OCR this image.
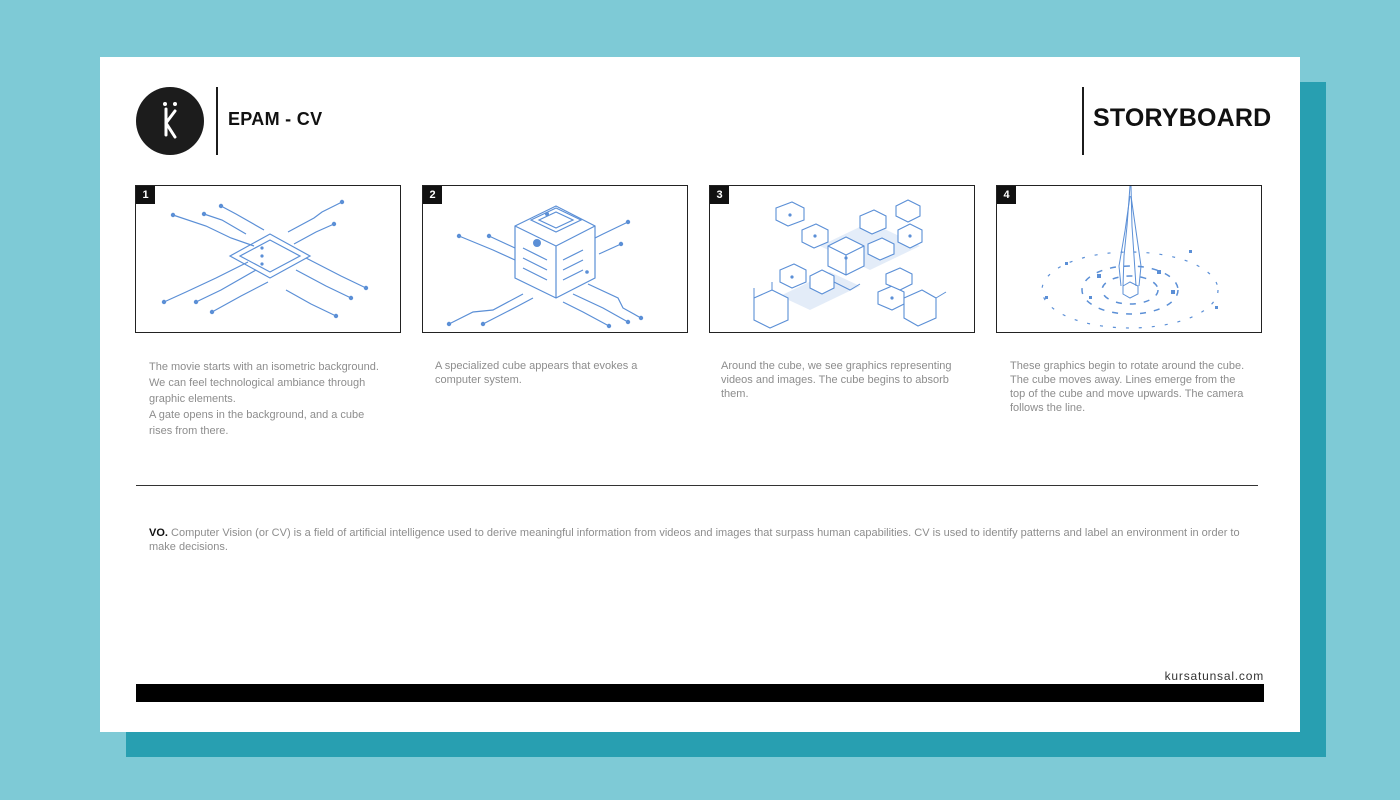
EPAM - CV	STORYBOARD
1	2	3	4
The movie starts with an isometric background. We can feel technological ambiance through graphic elements.
A gate opens in the background, and a cube rises from there.
A specialized cube appears that evokes a computer system.
Around the cube, we see graphics representing videos and images. The cube begins to absorb them.
These graphics begin to rotate around the cube. The cube moves away. Lines emerge from the top of the cube and move upwards. The camera follows the line.
VO. Computer Vision (or CV) is a field of artificial intelligence used to derive meaningful information from videos and images that surpass human capabilities. CV is used to identify patterns and label an environment in order to make decisions.
kursatunsal.com
